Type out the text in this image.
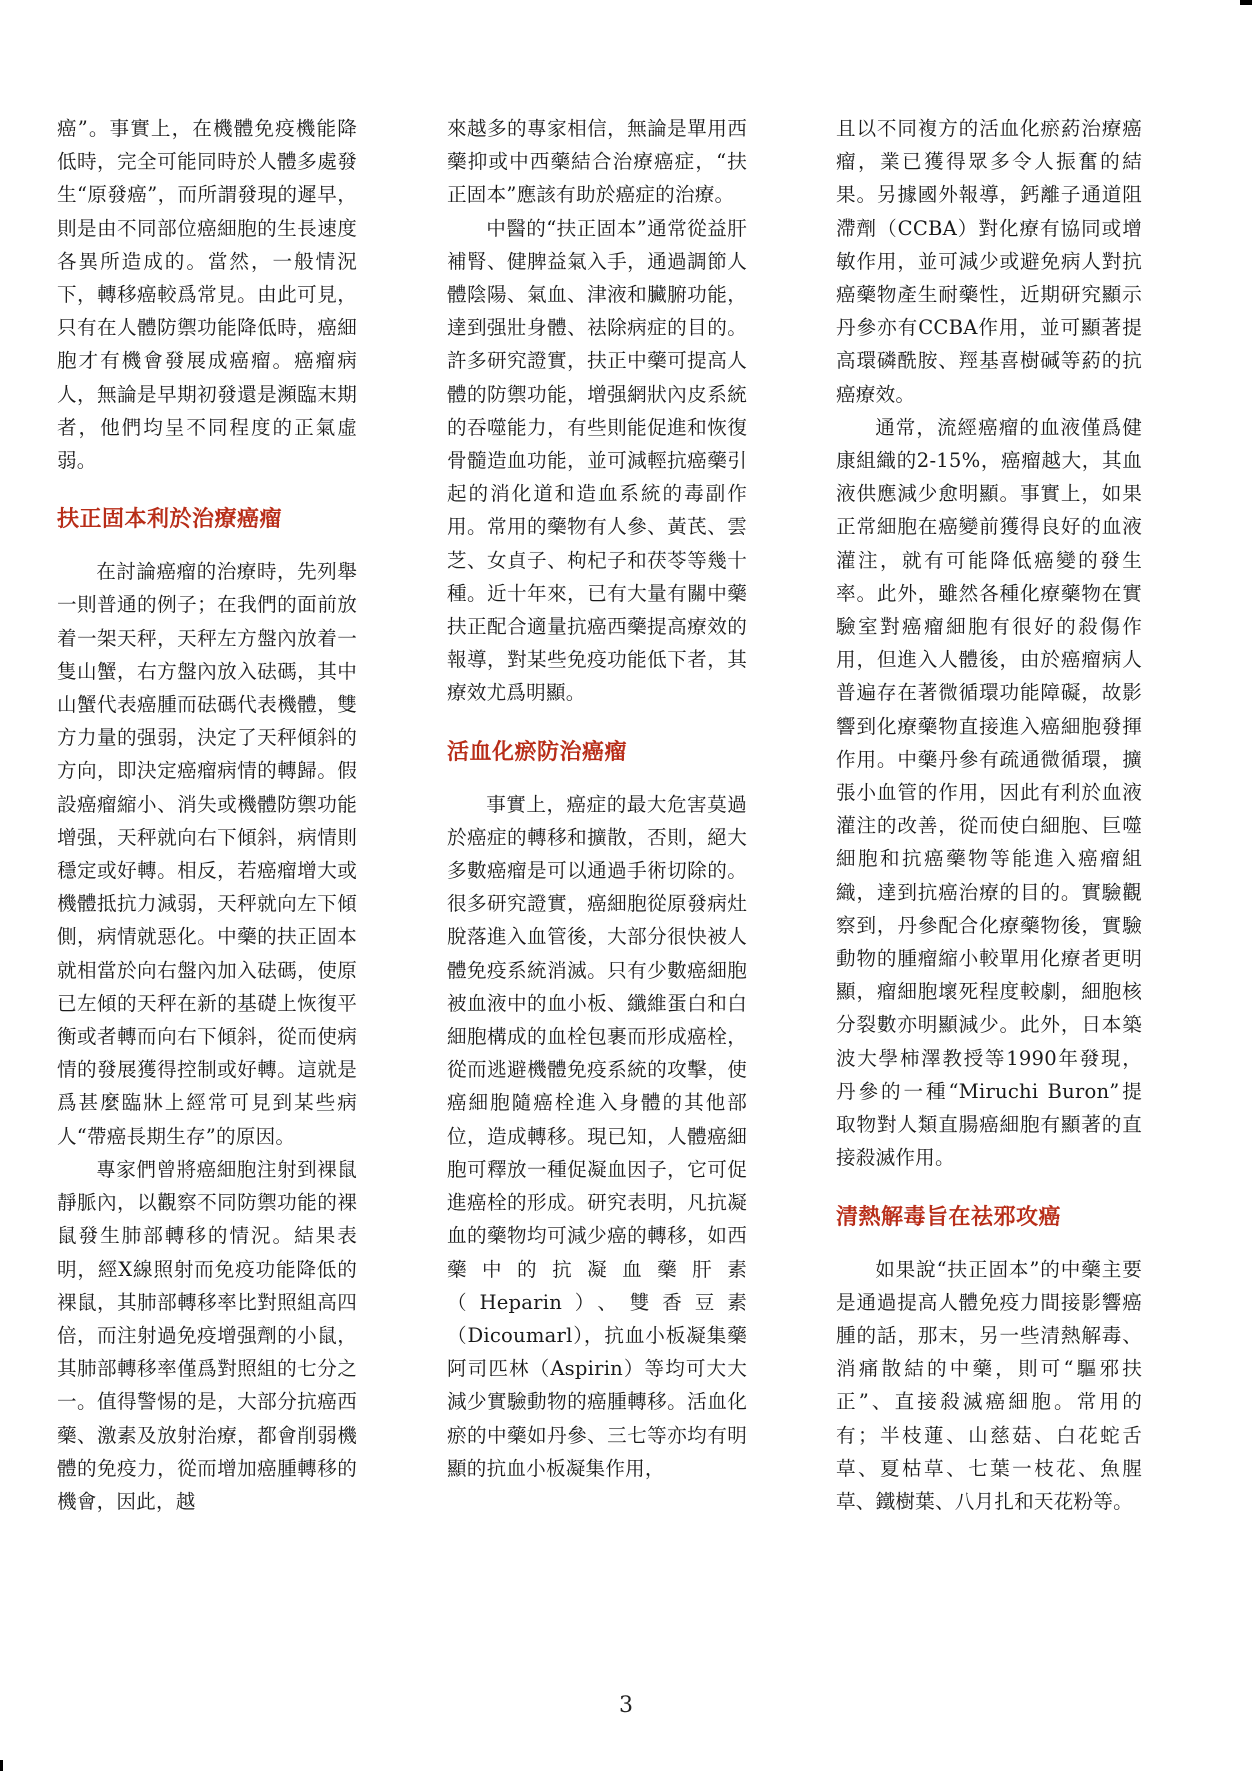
癌”。事實上，在機體免疫機能降低時，完全可能同時於人體多處發生“原發癌”，而所謂發現的遲早，則是由不同部位癌細胞的生長速度各異所造成的。當然，一般情況下，轉移癌較爲常見。由此可見，只有在人體防禦功能降低時，癌細胞才有機會發展成癌瘤。癌瘤病人，無論是早期初發還是瀕臨末期者，他們均呈不同程度的正氣虛弱。

扶正固本利於治療癌瘤

在討論癌瘤的治療時，先列舉一則普通的例子；在我們的面前放着一架天秤，天秤左方盤內放着一隻山蟹，右方盤內放入砝碼，其中山蟹代表癌腫而砝碼代表機體，雙方力量的强弱，決定了天秤傾斜的方向，即決定癌瘤病情的轉歸。假設癌瘤縮小、消失或機體防禦功能增强，天秤就向右下傾斜，病情則穩定或好轉。相反，若癌瘤增大或機體抵抗力減弱，天秤就向左下傾側，病情就惡化。中藥的扶正固本就相當於向右盤內加入砝碼，使原已左傾的天秤在新的基礎上恢復平衡或者轉而向右下傾斜，從而使病情的發展獲得控制或好轉。這就是爲甚麼臨牀上經常可見到某些病人“帶癌長期生存”的原因。

專家們曾將癌細胞注射到裸鼠靜脈內，以觀察不同防禦功能的裸鼠發生肺部轉移的情況。結果表明，經X線照射而免疫功能降低的裸鼠，其肺部轉移率比對照組高四倍，而注射過免疫增强劑的小鼠，其肺部轉移率僅爲對照組的七分之一。值得警惕的是，大部分抗癌西藥、激素及放射治療，都會削弱機體的免疫力，從而增加癌腫轉移的機會，因此，越

來越多的專家相信，無論是單用西藥抑或中西藥結合治療癌症，“扶正固本”應該有助於癌症的治療。

中醫的“扶正固本”通常從益肝補腎、健脾益氣入手，通過調節人體陰陽、氣血、津液和臟腑功能，達到强壯身體、祛除病症的目的。許多研究證實，扶正中藥可提高人體的防禦功能，增强網狀內皮系統的吞噬能力，有些則能促進和恢復骨髓造血功能，並可減輕抗癌藥引起的消化道和造血系統的毒副作用。常用的藥物有人參、黃芪、雲芝、女貞子、枸杞子和茯苓等幾十種。近十年來，已有大量有關中藥扶正配合適量抗癌西藥提高療效的報導，對某些免疫功能低下者，其療效尤爲明顯。

活血化瘀防治癌瘤

事實上，癌症的最大危害莫過於癌症的轉移和擴散，否則，絕大多數癌瘤是可以通過手術切除的。很多研究證實，癌細胞從原發病灶脫落進入血管後，大部分很快被人體免疫系統消滅。只有少數癌細胞被血液中的血小板、纖維蛋白和白細胞構成的血栓包裹而形成癌栓，從而逃避機體免疫系統的攻擊，使癌細胞隨癌栓進入身體的其他部位，造成轉移。現已知，人體癌細胞可釋放一種促凝血因子，它可促進癌栓的形成。研究表明，凡抗凝血的藥物均可減少癌的轉移，如西藥中的抗凝血藥肝素（Heparin）、雙香豆素（Dicoumarl），抗血小板凝集藥阿司匹林（Aspirin）等均可大大減少實驗動物的癌腫轉移。活血化瘀的中藥如丹參、三七等亦均有明顯的抗血小板凝集作用，

且以不同複方的活血化瘀葯治療癌瘤，業已獲得眾多令人振奮的結果。另據國外報導，鈣離子通道阻滯劑（CCBA）對化療有協同或增敏作用，並可減少或避免病人對抗癌藥物產生耐藥性，近期研究顯示丹參亦有CCBA作用，並可顯著提高環磷酰胺、羥基喜樹碱等葯的抗癌療效。

通常，流經癌瘤的血液僅爲健康組織的2-15%，癌瘤越大，其血液供應減少愈明顯。事實上，如果正常細胞在癌變前獲得良好的血液灌注，就有可能降低癌變的發生率。此外，雖然各種化療藥物在實驗室對癌瘤細胞有很好的殺傷作用，但進入人體後，由於癌瘤病人普遍存在著微循環功能障礙，故影響到化療藥物直接進入癌細胞發揮作用。中藥丹參有疏通微循環，擴張小血管的作用，因此有利於血液灌注的改善，從而使白細胞、巨噬細胞和抗癌藥物等能進入癌瘤組織，達到抗癌治療的目的。實驗觀察到，丹參配合化療藥物後，實驗動物的腫瘤縮小較單用化療者更明顯，瘤細胞壞死程度較劇，細胞核分裂數亦明顯減少。此外，日本築波大學柿澤教授等1990年發現，丹參的一種“Miruchi Buron”提取物對人類直腸癌細胞有顯著的直接殺滅作用。

清熱解毒旨在祛邪攻癌

如果說“扶正固本”的中藥主要是通過提高人體免疫力間接影響癌腫的話，那末，另一些清熱解毒、消痛散結的中藥，則可“驅邪扶正”、直接殺滅癌細胞。常用的有；半枝蓮、山慈菇、白花蛇舌草、夏枯草、七葉一枝花、魚腥草、鐵樹葉、八月扎和天花粉等。

3
